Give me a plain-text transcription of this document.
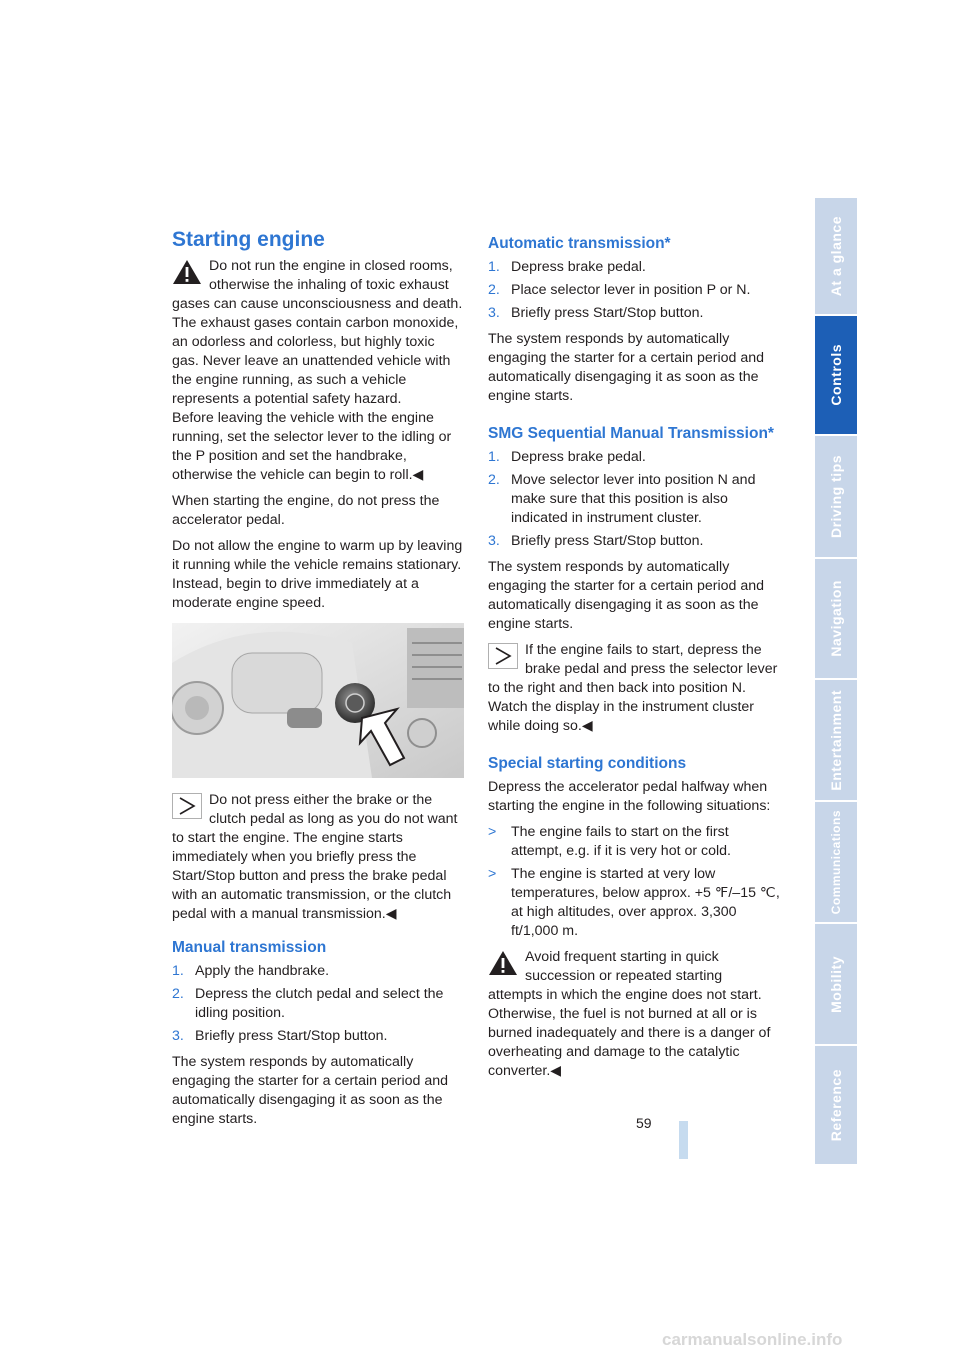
Starting engine
Do not run the engine in closed rooms, otherwise the inhaling of toxic exhaust gases can cause unconsciousness and death. The exhaust gases contain carbon monoxide, an odorless and colorless, but highly toxic gas. Never leave an unattended vehicle with the engine running, as such a vehicle represents a potential safety hazard.
Before leaving the vehicle with the engine running, set the selector lever to the idling or the P position and set the handbrake, otherwise the vehicle can begin to roll.◀

When starting the engine, do not press the accelerator pedal.

Do not allow the engine to warm up by leaving it running while the vehicle remains stationary. Instead, begin to drive immediately at a moderate engine speed.

Do not press either the brake or the clutch pedal as long as you do not want to start the engine. The engine starts immediately when you briefly press the Start/Stop button and press the brake pedal with an automatic transmission, or the clutch pedal with a manual transmission.◀
Manual transmission
1. Apply the handbrake.
2. Depress the clutch pedal and select the idling position.
3. Briefly press Start/Stop button.

The system responds by automatically engaging the starter for a certain period and automatically disengaging it as soon as the engine starts.

Automatic transmission*
1. Depress brake pedal.
2. Place selector lever in position P or N.
3. Briefly press Start/Stop button.

The system responds by automatically engaging the starter for a certain period and automatically disengaging it as soon as the engine starts.

SMG Sequential Manual Transmission*
1. Depress brake pedal.
2. Move selector lever into position N and make sure that this position is also indicated in instrument cluster.
3. Briefly press Start/Stop button.

The system responds by automatically engaging the starter for a certain period and automatically disengaging it as soon as the engine starts.

If the engine fails to start, depress the brake pedal and press the selector lever to the right and then back into position N. Watch the display in the instrument cluster while doing so.◀
Special starting conditions

Depress the accelerator pedal halfway when starting the engine in the following situations:

> The engine fails to start on the first attempt, e.g. if it is very hot or cold.
> The engine is started at very low temperatures, below approx. +5 ℉/–15 ℃, at high altitudes, over approx. 3,300 ft/1,000 m.
Avoid frequent starting in quick succession or repeated starting attempts in which the engine does not start. Otherwise, the fuel is not burned at all or is burned inadequately and there is a danger of overheating and damage to the catalytic converter.◀
59
At a glance
Controls
Driving tips
Navigation
Entertainment
Communications
Mobility
Reference
carmanualsonline.info
